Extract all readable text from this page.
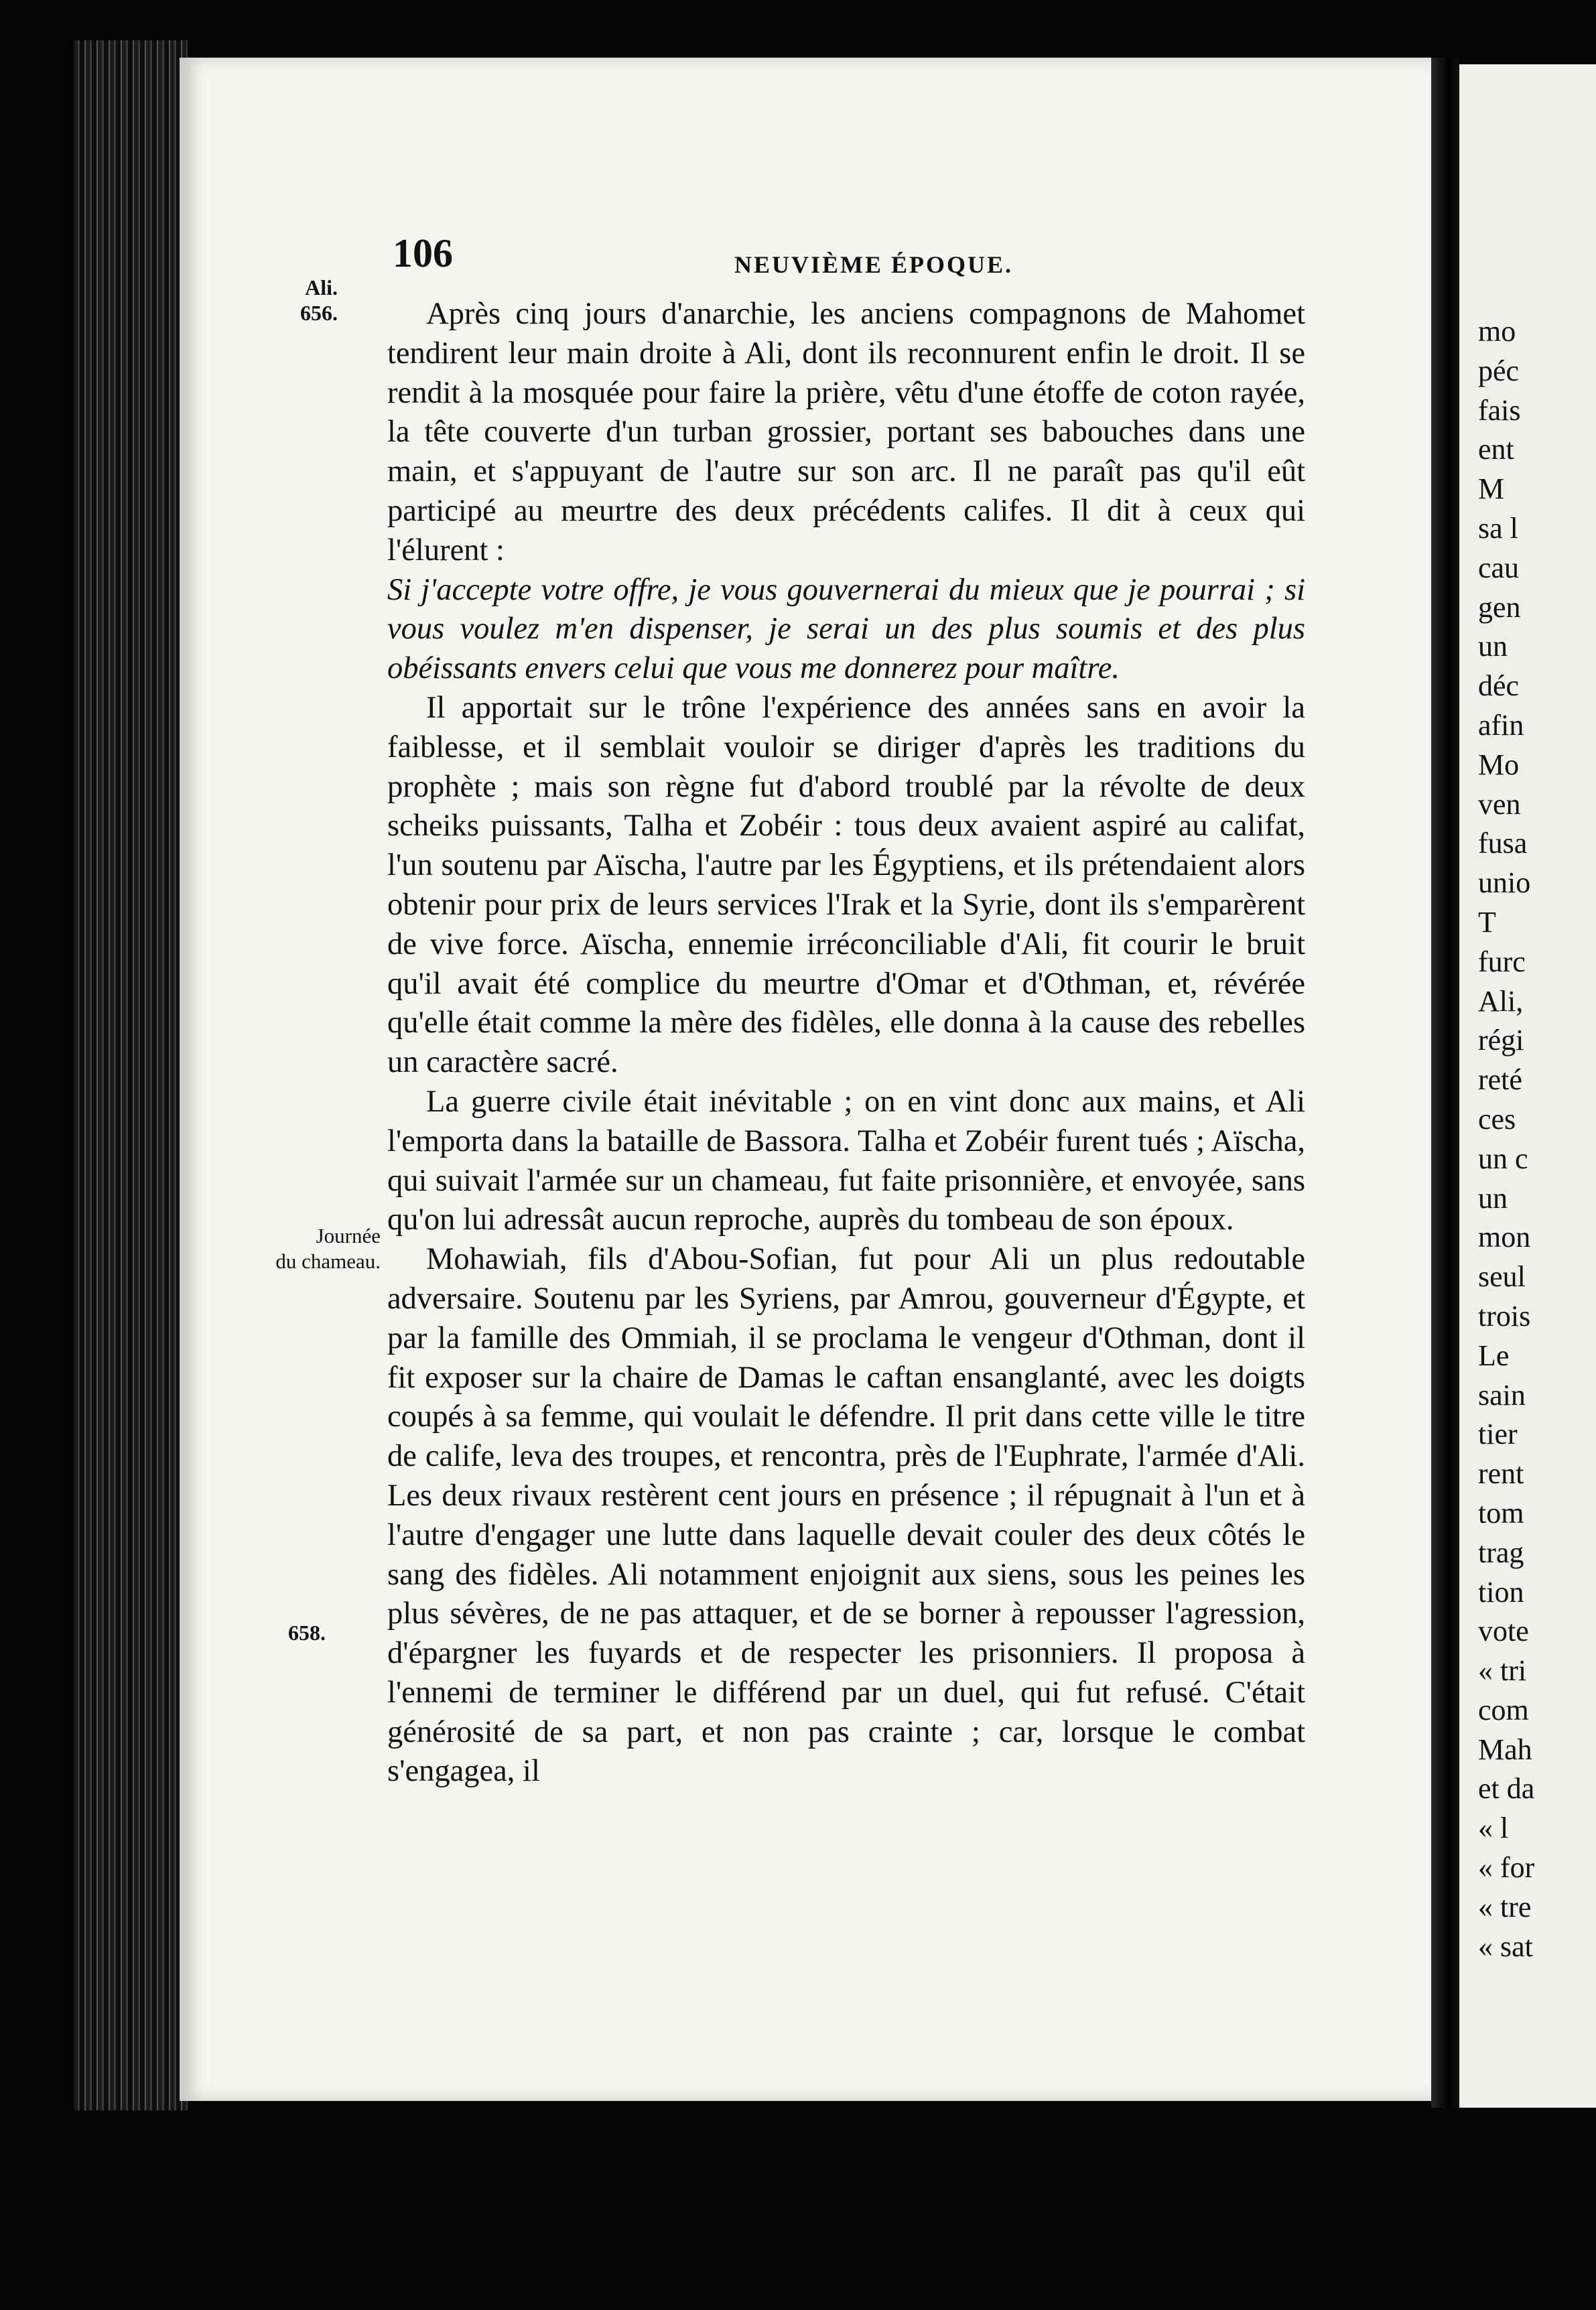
mo
péc
fais
ent
M
sa l
cau
gen
un
déc
afin
Mo
ven
fusa
unio
T
furc
Ali,
régi
reté
ces
un c
un
mon
seul
trois
Le
sain
tier
rent
tom
trag
tion
vote
« tri
com
Mah
et da
« l
« for
« tre
« sat
106	NEUVIÈME ÉPOQUE.
Ali.
656.
Journée
du chameau.
658.

Après cinq jours d'anarchie, les anciens compagnons de Mahomet tendirent leur main droite à Ali, dont ils reconnurent enfin le droit. Il se rendit à la mosquée pour faire la prière, vêtu d'une étoffe de coton rayée, la tête couverte d'un turban grossier, portant ses babouches dans une main, et s'appuyant de l'autre sur son arc. Il ne paraît pas qu'il eût participé au meurtre des deux précédents califes. Il dit à ceux qui l'élurent :

Si j'accepte votre offre, je vous gouvernerai du mieux que je pourrai ; si vous voulez m'en dispenser, je serai un des plus soumis et des plus obéissants envers celui que vous me donnerez pour maître.

Il apportait sur le trône l'expérience des années sans en avoir la faiblesse, et il semblait vouloir se diriger d'après les traditions du prophète ; mais son règne fut d'abord troublé par la révolte de deux scheiks puissants, Talha et Zobéir : tous deux avaient aspiré au califat, l'un soutenu par Aïscha, l'autre par les Égyptiens, et ils prétendaient alors obtenir pour prix de leurs services l'Irak et la Syrie, dont ils s'emparèrent de vive force. Aïscha, ennemie irréconciliable d'Ali, fit courir le bruit qu'il avait été complice du meurtre d'Omar et d'Othman, et, révérée qu'elle était comme la mère des fidèles, elle donna à la cause des rebelles un caractère sacré.

La guerre civile était inévitable ; on en vint donc aux mains, et Ali l'emporta dans la bataille de Bassora. Talha et Zobéir furent tués ; Aïscha, qui suivait l'armée sur un chameau, fut faite prisonnière, et envoyée, sans qu'on lui adressât aucun reproche, auprès du tombeau de son époux.

Mohawiah, fils d'Abou-Sofian, fut pour Ali un plus redoutable adversaire. Soutenu par les Syriens, par Amrou, gouverneur d'Égypte, et par la famille des Ommiah, il se proclama le vengeur d'Othman, dont il fit exposer sur la chaire de Damas le caftan ensanglanté, avec les doigts coupés à sa femme, qui voulait le défendre. Il prit dans cette ville le titre de calife, leva des troupes, et rencontra, près de l'Euphrate, l'armée d'Ali. Les deux rivaux restèrent cent jours en présence ; il répugnait à l'un et à l'autre d'engager une lutte dans laquelle devait couler des deux côtés le sang des fidèles. Ali notamment enjoignit aux siens, sous les peines les plus sévères, de ne pas attaquer, et de se borner à repousser l'agression, d'épargner les fuyards et de respecter les prisonniers. Il proposa à l'ennemi de terminer le différend par un duel, qui fut refusé. C'était générosité de sa part, et non pas crainte ; car, lorsque le combat s'engagea, il
